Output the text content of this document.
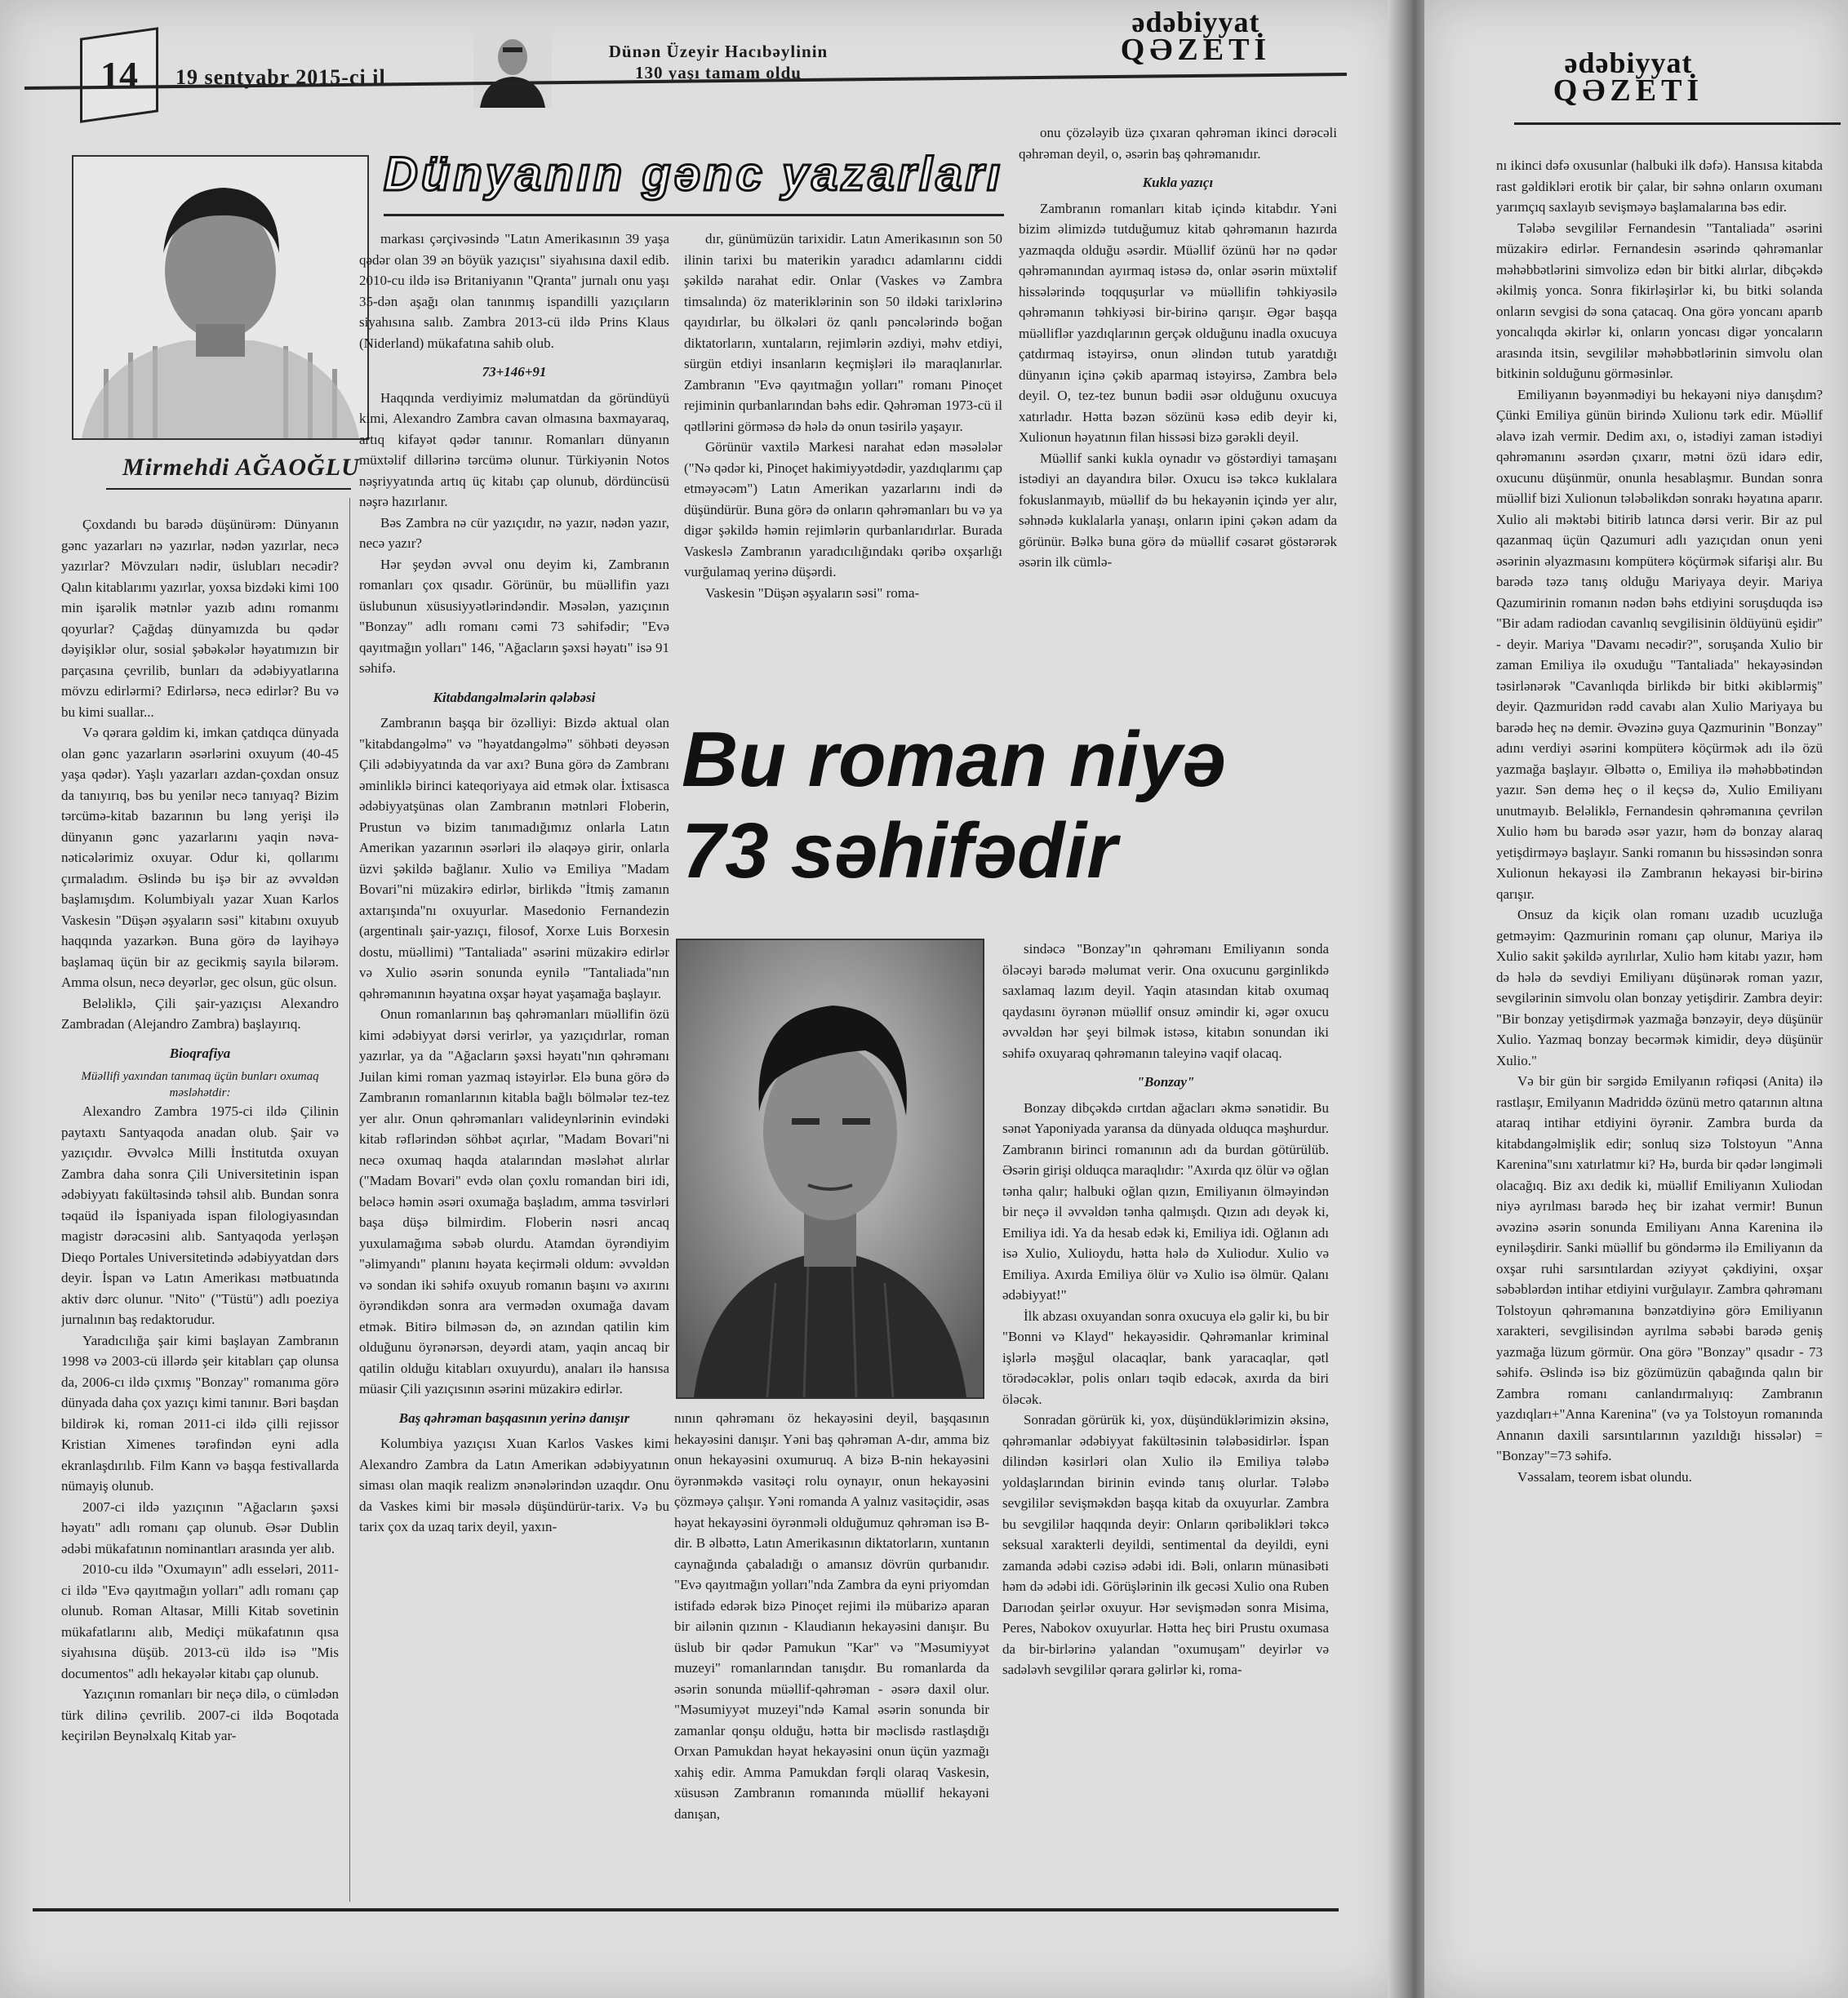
14	19 sentyabr 2015-ci il
Dünən Üzeyir Hacıbəylinin
130 yaşı tamam oldu
ədəbiyyat
QƏZETİ
Mirmehdi AĞAOĞLU
Dünyanın gənc yazarları

Çoxdandı bu barədə düşünürəm: Dünyanın gənc yazarları nə yazırlar, nədən yazırlar, necə yazırlar? Mövzuları nədir, üslubları necədir? Qalın kitablarımı yazırlar, yoxsa bizdəki kimi 100 min işarəlik mətnlər yazıb adını romanmı qoyurlar? Çağdaş dünyamızda bu qədər dəyişiklər olur, sosial şəbəkələr həyatımızın bir parçasına çevrilib, bunları da ədəbiyyatlarına mövzu edirlərmi? Edirlərsə, necə edirlər? Bu və bu kimi suallar...

Və qərara gəldim ki, imkan çatdıqca dünyada olan gənc yazarların əsərlərini oxuyum (40-45 yaşa qədər). Yaşlı yazarları azdan-çoxdan onsuz da tanıyırıq, bəs bu yenilər necə tanıyaq? Bizim tərcümə-kitab bazarının bu ləng yerişi ilə dünyanın gənc yazarlarını yaqin nəva-nəticələrimiz oxuyar. Odur ki, qollarımı çırmaladım. Əslində bu işə bir az əvvəldən başlamışdım. Kolumbiyalı yazar Xuan Karlos Vaskesin "Düşən əşyaların səsi" kitabını oxuyub haqqında yazarkən. Buna görə də layihəyə başlamaq üçün bir az gecikmiş sayıla bilərəm. Amma olsun, necə deyərlər, gec olsun, güc olsun.

Beləliklə, Çili şair-yazıçısı Alexandro Zambradan (Alejandro Zambra) başlayırıq.

Bioqrafiya

Müəllifi yaxından tanımaq üçün bunları oxumaq məsləhətdir:

Alexandro Zambra 1975-ci ildə Çilinin paytaxtı Santyaqoda anadan olub. Şair və yazıçıdır. Əvvəlcə Milli İnstitutda oxuyan Zambra daha sonra Çili Universitetinin ispan ədəbiyyatı fakültəsində təhsil alıb. Bundan sonra təqaüd ilə İspaniyada ispan filologiyasından magistr dərəcəsini alıb. Santyaqoda yerləşən Dieqo Portales Universitetində ədəbiyyatdan dərs deyir. İspan və Latın Amerikası mətbuatında aktiv dərc olunur. "Nito" ("Tüstü") adlı poeziya jurnalının baş redaktorudur.

Yaradıcılığa şair kimi başlayan Zambranın 1998 və 2003-cü illərdə şeir kitabları çap olunsa da, 2006-cı ildə çıxmış "Bonzay" romanıma görə dünyada daha çox yazıçı kimi tanınır. Bəri başdan bildirək ki, roman 2011-ci ildə çilli rejissor Kristian Ximenes tərəfindən eyni adla ekranlaşdırılıb. Film Kann və başqa festivallarda nümayiş olunub.

2007-ci ildə yazıçının "Ağacların şəxsi həyatı" adlı romanı çap olunub. Əsər Dublin ədəbi mükafatının nominantları arasında yer alıb.

2010-cu ildə "Oxumayın" adlı esseləri, 2011-ci ildə "Evə qayıtmağın yolları" adlı romanı çap olunub. Roman Altasar, Milli Kitab sovetinin mükafatlarını alıb, Mediçi mükafatının qısa siyahısına düşüb. 2013-cü ildə isə "Mis documentos" adlı hekayələr kitabı çap olunub.

Yazıçının romanları bir neçə dilə, o cümlədən türk dilinə çevrilib. 2007-ci ildə Boqotada keçirilən Beynəlxalq Kitab yar-

markası çərçivəsində "Latın Amerikasının 39 yaşa qədər olan 39 ən böyük yazıçısı" siyahısına daxil edib. 2010-cu ildə isə Britaniyanın "Qranta" jurnalı onu yaşı 35-dən aşağı olan tanınmış ispandilli yazıçıların siyahısına salıb. Zambra 2013-cü ildə Prins Klaus (Niderland) mükafatına sahib olub.

73+146+91

Haqqında verdiyimiz məlumatdan da göründüyü kimi, Alexandro Zambra cavan olmasına baxmayaraq, artıq kifayət qədər tanınır. Romanları dünyanın müxtəlif dillərinə tərcümə olunur. Türkiyənin Notos nəşriyyatında artıq üç kitabı çap olunub, dördüncüsü nəşrə hazırlanır.

Bəs Zambra nə cür yazıçıdır, nə yazır, nədən yazır, necə yazır?

Hər şeydən əvvəl onu deyim ki, Zambranın romanları çox qısadır. Görünür, bu müəllifin yazı üslubunun xüsusiyyətlərindəndir. Məsələn, yazıçının "Bonzay" adlı romanı cəmi 73 səhifədir; "Evə qayıtmağın yolları" 146, "Ağacların şəxsi həyatı" isə 91 səhifə.

Kitabdangəlmələrin qələbəsi

Zambranın başqa bir özəlliyi: Bizdə aktual olan "kitabdangəlmə" və "həyatdangəlmə" söhbəti deyəsən Çili ədəbiyyatında da var axı? Buna görə də Zambranı əminliklə birinci kateqoriyaya aid etmək olar. İxtisasca ədəbiyyatşünas olan Zambranın mətnləri Floberin, Prustun və bizim tanımadığımız onlarla Latın Amerikan yazarının əsərləri ilə əlaqəyə girir, onlarla üzvi şəkildə bağlanır. Xulio və Emiliya "Madam Bovari"ni müzakirə edirlər, birlikdə "İtmiş zamanın axtarışında"nı oxuyurlar. Masedonio Fernandezin (argentinalı şair-yazıçı, filosof, Xorxe Luis Borxesin dostu, müəllimi) "Tantaliada" əsərini müzakirə edirlər və Xulio əsərin sonunda eynilə "Tantaliada"nın qəhrəmanının həyatına oxşar həyat yaşamağa başlayır.

Onun romanlarının baş qəhrəmanları müəllifin özü kimi ədəbiyyat dərsi verirlər, ya yazıçıdırlar, roman yazırlar, ya da "Ağacların şəxsi həyatı"nın qəhrəmanı Juilan kimi roman yazmaq istəyirlər. Elə buna görə də Zambranın romanlarının kitabla bağlı bölmələr tez-tez yer alır. Onun qəhrəmanları valideynlərinin evindəki kitab rəflərindən söhbət açırlar, "Madam Bovari"ni necə oxumaq haqda atalarından məsləhət alırlar ("Madam Bovari" evdə olan çoxlu romandan biri idi, beləcə həmin əsəri oxumağa başladım, amma təsvirləri başa düşə bilmirdim. Floberin nəsri ancaq yuxulamağıma səbəb olurdu. Atamdan öyrəndiyim "əlimyandı" planını həyata keçirməli oldum: əvvəldən və sondan iki səhifə oxuyub romanın başını və axırını öyrəndikdən sonra ara vermədən oxumağa davam etmək. Bitirə bilməsən də, ən azından qatilin kim olduğunu öyrənərsən, deyərdi atam, yaqin ancaq bir qatilin olduğu kitabları oxuyurdu), anaları ilə hansısa müasir Çili yazıçısının əsərini müzakirə edirlər.

Baş qəhrəman başqasının yerinə danışır

Kolumbiya yazıçısı Xuan Karlos Vaskes kimi Alexandro Zambra da Latın Amerikan ədəbiyyatının siması olan maqik realizm ənənələrindən uzaqdır. Onu da Vaskes kimi bir məsələ düşündürür-tarix. Və bu tarix çox da uzaq tarix deyil, yaxın-

dır, günümüzün tarixidir. Latın Amerikasının son 50 ilinin tarixi bu materikin yaradıcı adamlarını ciddi şəkildə narahat edir. Onlar (Vaskes və Zambra timsalında) öz materiklərinin son 50 ildəki tarixlərinə qayıdırlar, bu ölkələri öz qanlı pəncələrində boğan diktatorların, xuntaların, rejimlərin əzdiyi, məhv etdiyi, sürgün etdiyi insanların keçmişləri ilə maraqlanırlar. Zambranın "Evə qayıtmağın yolları" romanı Pinoçet rejiminin qurbanlarından bəhs edir. Qəhrəman 1973-cü il qətllərini görməsə də hələ də onun təsirilə yaşayır.

Görünür vaxtilə Markesi narahat edən məsələlər ("Nə qədər ki, Pinoçet hakimiyyətdədir, yazdıqlarımı çap etməyəcəm") Latın Amerikan yazarlarını indi də düşündürür. Buna görə də onların qəhrəmanları bu və ya digər şəkildə həmin rejimlərin qurbanlarıdırlar. Burada Vaskeslə Zambranın yaradıcılığındakı qəribə oxşarlığı vurğulamaq yerinə düşərdi.

Vaskesin "Düşən əşyaların səsi" roma-

onu çözələyib üzə çıxaran qəhrəman ikinci dərəcəli qəhrəman deyil, o, əsərin baş qəhrəmanıdır.

Kukla yazıçı

Zambranın romanları kitab içində kitabdır. Yəni bizim əlimizdə tutduğumuz kitab qəhrəmanın hazırda yazmaqda olduğu əsərdir. Müəllif özünü hər nə qədər qəhrəmanından ayırmaq istəsə də, onlar əsərin müxtəlif hissələrində toqquşurlar və müəllifin təhkiyəsilə qəhrəmanın təhkiyəsi bir-birinə qarışır. Əgər başqa müəlliflər yazdıqlarının gerçək olduğunu inadla oxucuya çatdırmaq istəyirsə, onun əlindən tutub yaratdığı dünyanın içinə çəkib aparmaq istəyirsə, Zambra belə deyil. O, tez-tez bunun bədii əsər olduğunu oxucuya xatırladır. Hətta bəzən sözünü kəsə edib deyir ki, Xulionun həyatının filan hissəsi bizə gərəkli deyil.

Müəllif sanki kukla oynadır və göstərdiyi tamaşanı istədiyi an dayandıra bilər. Oxucu isə təkcə kuklalara fokuslanmayıb, müəllif də bu hekayənin içində yer alır, səhnədə kuklalarla yanaşı, onların ipini çəkən adam da görünür. Bəlkə buna görə də müəllif cəsarət göstərərək əsərin ilk cümlə-

Bu roman niyə
73 səhifədir

nının qəhrəmanı öz hekayəsini deyil, başqasının hekayəsini danışır. Yəni baş qəhrəman A-dır, amma biz onun hekayəsini oxumuruq. A bizə B-nin hekayəsini öyrənməkdə vasitəçi rolu oynayır, onun hekayəsini çözməyə çalışır. Yəni romanda A yalnız vasitəçidir, əsas həyat hekayəsini öyrənməli olduğumuz qəhrəman isə B-dir. B əlbəttə, Latın Amerikasının diktatorların, xuntanın caynağında çabaladığı o amansız dövrün qurbanıdır. "Evə qayıtmağın yolları"nda Zambra da eyni priyomdan istifadə edərək bizə Pinoçet rejimi ilə mübarizə aparan bir ailənin qızının - Klaudianın hekayəsini danışır. Bu üslub bir qədər Pamukun "Kar" və "Məsumiyyət muzeyi" romanlarından tanışdır. Bu romanlarda da əsərin sonunda müəllif-qəhrəman - əsərə daxil olur. "Məsumiyyət muzeyi"ndə Kamal əsərin sonunda bir zamanlar qonşu olduğu, hətta bir məclisdə rastlaşdığı Orxan Pamukdan həyat hekayəsini onun üçün yazmağı xahiş edir. Amma Pamukdan fərqli olaraq Vaskesin, xüsusən Zambranın romanında müəllif hekayəni danışan,

sindəcə "Bonzay"ın qəhrəmanı Emiliyanın sonda öləcəyi barədə məlumat verir. Ona oxucunu gərginlikdə saxlamaq lazım deyil. Yaqin atasından kitab oxumaq qaydasını öyrənən müəllif onsuz əmindir ki, əgər oxucu əvvəldən hər şeyi bilmək istəsə, kitabın sonundan iki səhifə oxuyaraq qəhrəmanın taleyinə vaqif olacaq.

"Bonzay"

Bonzay dibçəkdə cırtdan ağacları əkmə sənətidir. Bu sənət Yaponiyada yaransa da dünyada olduqca məşhurdur. Zambranın birinci romanının adı da burdan götürülüb. Əsərin girişi olduqca maraqlıdır: "Axırda qız ölür və oğlan tənha qalır; halbuki oğlan qızın, Emiliyanın ölməyindən bir neçə il əvvəldən tənha qalmışdı. Qızın adı deyək ki, Emiliya idi. Ya da hesab edək ki, Emiliya idi. Oğlanın adı isə Xulio, Xulioydu, hətta hələ də Xuliodur. Xulio və Emiliya. Axırda Emiliya ölür və Xulio isə ölmür. Qalanı ədəbiyyat!"

İlk abzası oxuyandan sonra oxucuya elə gəlir ki, bu bir "Bonni və Klayd" hekayəsidir. Qəhrəmanlar kriminal işlərlə məşğul olacaqlar, bank yaracaqlar, qətl törədəcəklər, polis onları təqib edəcək, axırda da biri öləcək.

Sonradan görürük ki, yox, düşündüklərimizin əksinə, qəhrəmanlar ədəbiyyat fakültəsinin tələbəsidirlər. İspan dilindən kəsirləri olan Xulio ilə Emiliya tələbə yoldaşlarından birinin evində tanış olurlar. Tələbə sevgililər sevişməkdən başqa kitab da oxuyurlar. Zambra bu sevgililər haqqında deyir: Onların qəribəlikləri təkcə seksual xarakterli deyildi, sentimental da deyildi, eyni zamanda ədəbi cəzisə ədəbi idi. Bəli, onların münasibəti həm də ədəbi idi. Görüşlərinin ilk gecəsi Xulio ona Ruben Darıodan şeirlər oxuyur. Hər sevişmədən sonra Misima, Peres, Nabokov oxuyurlar. Hətta heç biri Prustu oxumasa da bir-birlərinə yalandan "oxumuşam" deyirlər və sadələvh sevgililər qərara gəlirlər ki, roma-

ədəbiyyat
QƏZETİ

nı ikinci dəfə oxusunlar (halbuki ilk dəfə). Hansısa kitabda rast gəldikləri erotik bir çalar, bir səhnə onların oxumanı yarımçıq saxlayıb sevişməyə başlamalarına bəs edir.

Tələbə sevgililər Fernandesin "Tantaliada" əsərini müzakirə edirlər. Fernandesin əsərində qəhrəmanlar məhəbbətlərini simvolizə edən bir bitki alırlar, dibçəkdə əkilmiş yonca. Sonra fikirləşirlər ki, bu bitki solanda onların sevgisi də sona çatacaq. Ona görə yoncanı aparıb yoncalıqda əkirlər ki, onların yoncası digər yoncaların arasında itsin, sevgililər məhəbbətlərinin simvolu olan bitkinin solduğunu görməsinlər.

Emiliyanın bəyənmədiyi bu hekayəni niyə danışdım? Çünki Emiliya günün birində Xulionu tərk edir. Müəllif əlavə izah vermir. Dedim axı, o, istədiyi zaman istədiyi qəhrəmanını əsərdən çıxarır, mətni özü idarə edir, oxucunu düşünmür, onunla hesablaşmır. Bundan sonra müəllif bizi Xulionun tələbəlikdən sonrakı həyatına aparır. Xulio ali məktəbi bitirib latınca dərsi verir. Bir az pul qazanmaq üçün Qazumuri adlı yazıçıdan onun yeni əsərinin əlyazmasını kompüterə köçürmək sifarişi alır. Bu barədə təzə tanış olduğu Mariyaya deyir. Mariya Qazumirinin romanın nədən bəhs etdiyini soruşduqda isə "Bir adam radiodan cavanlıq sevgilisinin öldüyünü eşidir" - deyir. Mariya "Davamı necədir?", soruşanda Xulio bir zaman Emiliya ilə oxuduğu "Tantaliada" hekayəsindən təsirlənərək "Cavanlıqda birlikdə bir bitki əkiblərmiş" deyir. Qazmuridən rədd cavabı alan Xulio Mariyaya bu barədə heç nə demir. Əvəzinə guya Qazmurinin "Bonzay" adını verdiyi əsərini kompüterə köçürmək adı ilə özü yazmağa başlayır. Əlbəttə o, Emiliya ilə məhəbbətindən yazır. Sən demə heç o il keçsə də, Xulio Emiliyanı unutmayıb. Beləliklə, Fernandesin qəhrəmanına çevrilən Xulio həm bu barədə əsər yazır, həm də bonzay alaraq yetişdirməyə başlayır. Sanki romanın bu hissəsindən sonra Xulionun hekayəsi ilə Zambranın hekayəsi bir-birinə qarışır.

Onsuz da kiçik olan romanı uzadıb ucuzluğa getməyim: Qazmurinin romanı çap olunur, Mariya ilə Xulio sakit şəkildə ayrılırlar, Xulio həm kitabı yazır, həm də hələ də sevdiyi Emiliyanı düşünərək roman yazır, sevgilərinin simvolu olan bonzay yetişdirir. Zambra deyir: "Bir bonzay yetişdirmək yazmağa bənzəyir, deyə düşünür Xulio. Yazmaq bonzay becərmək kimidir, deyə düşünür Xulio."

Və bir gün bir sərgidə Emilyanın rəfiqəsi (Anita) ilə rastlaşır, Emilyanın Madriddə özünü metro qatarının altına ataraq intihar etdiyini öyrənir. Zambra burda da kitabdangəlmişlik edir; sonluq sizə Tolstoyun "Anna Karenina"sını xatırlatmır ki? Hə, burda bir qədər ləngiməli olacağıq. Biz axı dedik ki, müəllif Emiliyanın Xuliodan niyə ayrılması barədə heç bir izahat vermir! Bunun əvəzinə əsərin sonunda Emiliyanı Anna Karenina ilə eyniləşdirir. Sanki müəllif bu göndərmə ilə Emiliyanın da oxşar ruhi sarsıntılardan əziyyət çəkdiyini, oxşar səbəblərdən intihar etdiyini vurğulayır. Zambra qəhrəmanı Tolstoyun qəhrəmanına bənzətdiyinə görə Emiliyanın xarakteri, sevgilisindən ayrılma səbəbi barədə geniş yazmağa lüzum görmür. Ona görə "Bonzay" qısadır - 73 səhifə. Əslində isə biz gözümüzün qabağında qalın bir Zambra romanı canlandırmalıyıq: Zambranın yazdıqları+"Anna Karenina" (və ya Tolstoyun romanında Annanın daxili sarsıntılarının yazıldığı hissələr) = "Bonzay"=73 səhifə.

Vəssalam, teorem isbat olundu.
